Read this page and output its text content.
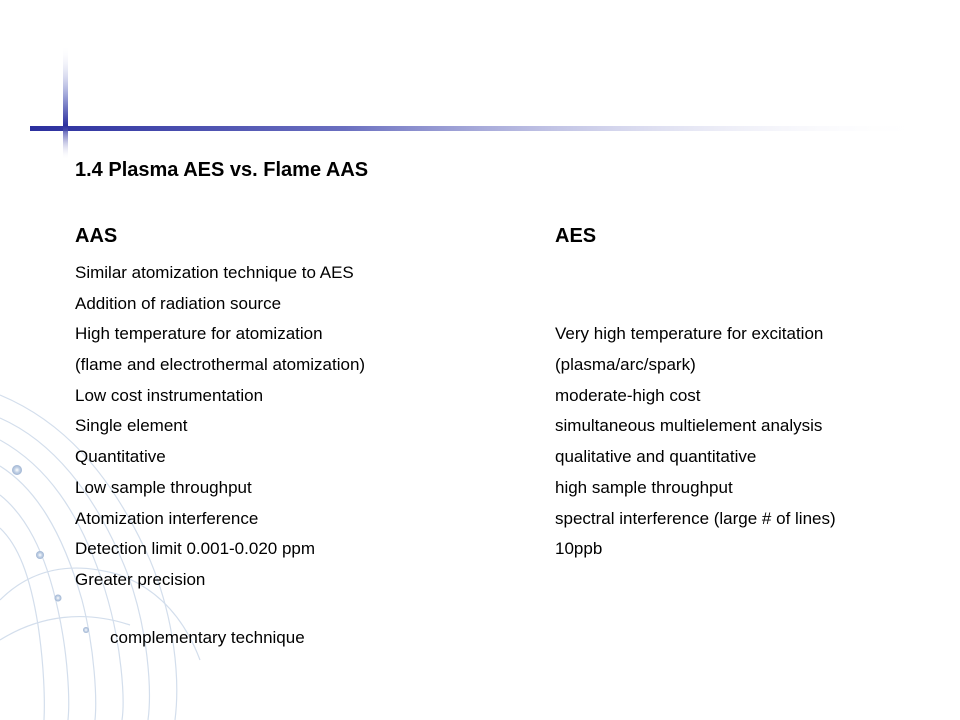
1.4 Plasma AES vs. Flame AAS
AAS	AES
Similar atomization technique to AES
Addition of radiation source
High temperature for atomization	Very high temperature for excitation
(flame and electrothermal atomization)	(plasma/arc/spark)
Low cost instrumentation	moderate-high cost
Single element	simultaneous multielement analysis
Quantitative	qualitative and quantitative
Low sample throughput	high sample throughput
Atomization interference	spectral interference (large # of lines)
Detection limit 0.001-0.020 ppm	10ppb
Greater precision
complementary technique
